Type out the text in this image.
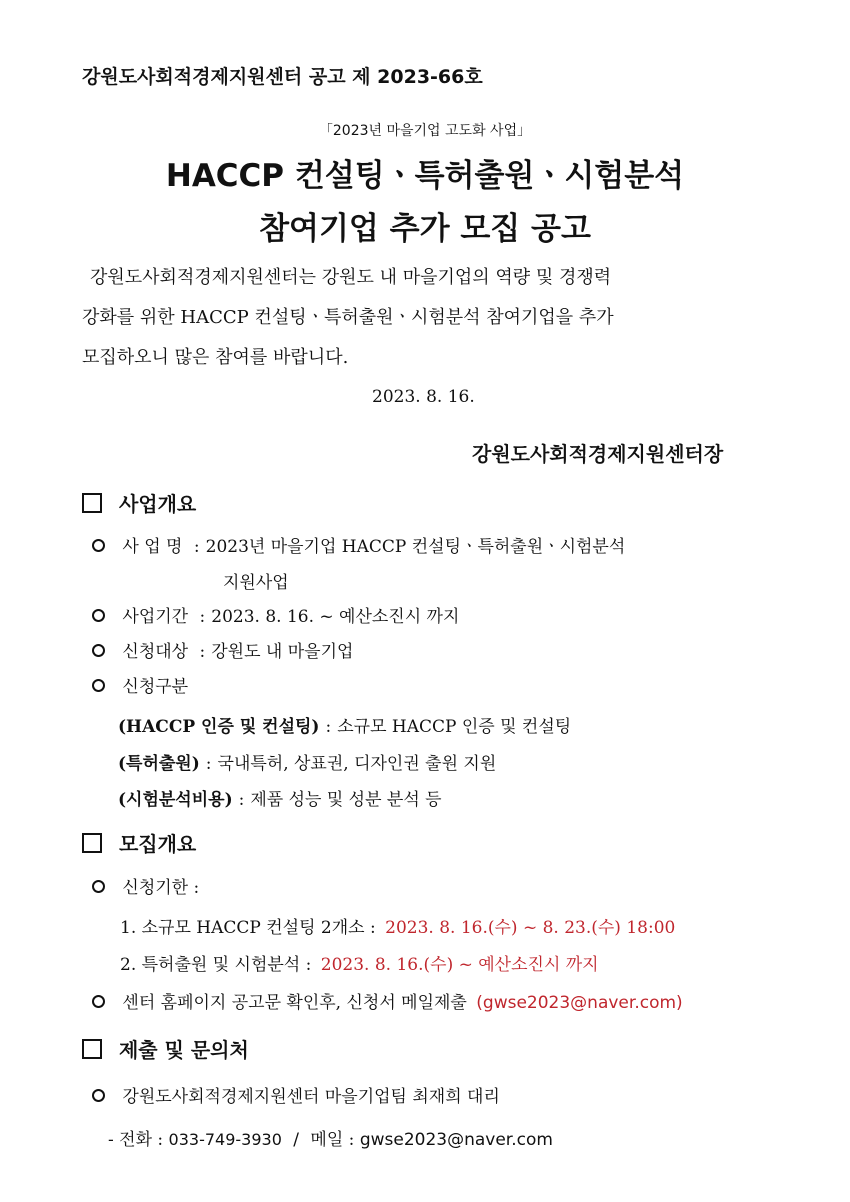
강원도사회적경제지원센터 공고 제 2023-66호
「2023년 마을기업 고도화 사업」
HACCP 컨설팅ㆍ특허출원ㆍ시험분석
참여기업 추가 모집 공고
강원도사회적경제지원센터는 강원도 내 마을기업의 역량 및 경쟁력
강화를 위한 HACCP 컨설팅ㆍ특허출원ㆍ시험분석 참여기업을 추가
모집하오니 많은 참여를 바랍니다.
2023. 8. 16.
강원도사회적경제지원센터장
사업개요
사 업 명 : 2023년 마을기업 HACCP 컨설팅ㆍ특허출원ㆍ시험분석
지원사업
사업기간 : 2023. 8. 16. ~ 예산소진시 까지
신청대상 : 강원도 내 마을기업
신청구분
(HACCP 인증 및 컨설팅) : 소규모 HACCP 인증 및 컨설팅
(특허출원) : 국내특허, 상표권, 디자인권 출원 지원
(시험분석비용) : 제품 성능 및 성분 분석 등
모집개요
신청기한 :
1. 소규모 HACCP 컨설팅 2개소 : 2023. 8. 16.(수) ~ 8. 23.(수) 18:00
2. 특허출원 및 시험분석 : 2023. 8. 16.(수) ~ 예산소진시 까지
센터 홈페이지 공고문 확인후, 신청서 메일제출 (gwse2023@naver.com)
제출 및 문의처
강원도사회적경제지원센터 마을기업팀 최재희 대리
- 전화 : 033-749-3930 / 메일 : gwse2023@naver.com
